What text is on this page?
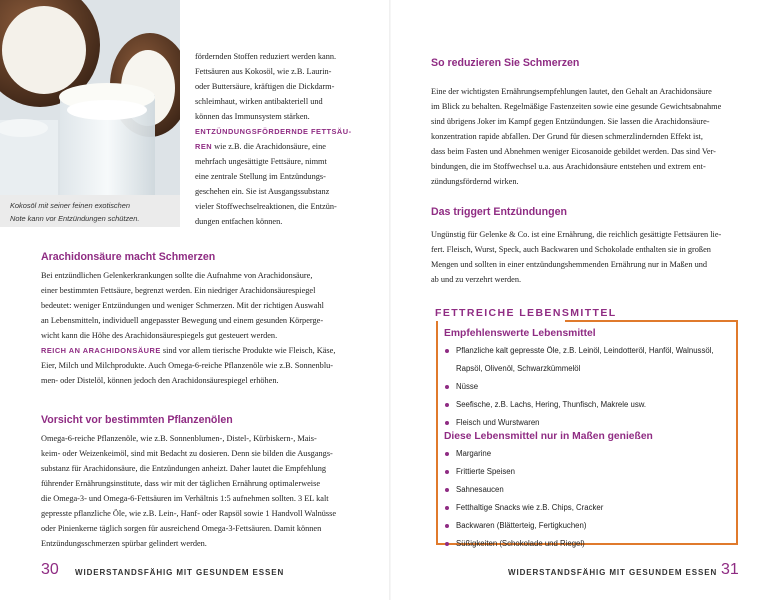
Kokosöl mit seiner feinen exotischen
Note kann vor Entzündungen schützen.
fördernden Stoffen reduziert werden kann.
Fettsäuren aus Kokosöl, wie z.B. Laurin-
oder Buttersäure, kräftigen die Dickdarm-
schleimhaut, wirken antibakteriell und
können das Immunsystem stärken.
ENTZÜNDUNGSFÖRDERNDE FETTSÄU-
REN wie z.B. die Arachidonsäure, eine
mehrfach ungesättigte Fettsäure, nimmt
eine zentrale Stellung im Entzündungs-
geschehen ein. Sie ist Ausgangssubstanz
vieler Stoffwechselreaktionen, die Entzün-
dungen entfachen können.
Arachidonsäure macht Schmerzen
Bei entzündlichen Gelenkerkrankungen sollte die Aufnahme von Arachidonsäure,
einer bestimmten Fettsäure, begrenzt werden. Ein niedriger Arachidonsäurespiegel
bedeutet: weniger Entzündungen und weniger Schmerzen. Mit der richtigen Auswahl
an Lebensmitteln, individuell angepasster Bewegung und einem gesunden Körperge-
wicht kann die Höhe des Arachidonsäurespiegels gut gesteuert werden.
REICH AN ARACHIDONSÄURE sind vor allem tierische Produkte wie Fleisch, Käse,
Eier, Milch und Milchprodukte. Auch Omega-6-reiche Pflanzenöle wie z.B. Sonnenblu-
men- oder Distelöl, können jedoch den Arachidonsäurespiegel erhöhen.
Vorsicht vor bestimmten Pflanzenölen
Omega-6-reiche Pflanzenöle, wie z.B. Sonnenblumen-, Distel-, Kürbiskern-, Mais-
keim- oder Weizenkeimöl, sind mit Bedacht zu dosieren. Denn sie bilden die Ausgangs-
substanz für Arachidonsäure, die Entzündungen anheizt. Daher lautet die Empfehlung
führender Ernährungsinstitute, dass wir mit der täglichen Ernährung optimalerweise
die Omega-3- und Omega-6-Fettsäuren im Verhältnis 1:5 aufnehmen sollten. 3 EL kalt
gepresste pflanzliche Öle, wie z.B. Lein-, Hanf- oder Rapsöl sowie 1 Handvoll Walnüsse
oder Pinienkerne täglich sorgen für ausreichend Omega-3-Fettsäuren. Damit können
Entzündungsschmerzen spürbar gelindert werden.
30 WIDERSTANDSFÄHIG MIT GESUNDEM ESSEN
So reduzieren Sie Schmerzen
Eine der wichtigsten Ernährungsempfehlungen lautet, den Gehalt an Arachidonsäure
im Blick zu behalten. Regelmäßige Fastenzeiten sowie eine gesunde Gewichtsabnahme
sind übrigens Joker im Kampf gegen Entzündungen. Sie lassen die Arachidonsäure-
konzentration rapide abfallen. Der Grund für diesen schmerzlindernden Effekt ist,
dass beim Fasten und Abnehmen weniger Eicosanoide gebildet werden. Das sind Ver-
bindungen, die im Stoffwechsel u.a. aus Arachidonsäure entstehen und extrem ent-
zündungsfördernd wirken.
Das triggert Entzündungen
Ungünstig für Gelenke & Co. ist eine Ernährung, die reichlich gesättigte Fettsäuren lie-
fert. Fleisch, Wurst, Speck, auch Backwaren und Schokolade enthalten sie in großen
Mengen und sollten in einer entzündungshemmenden Ernährung nur in Maßen und
ab und zu verzehrt werden.
FETTREICHE LEBENSMITTEL
Empfehlenswerte Lebensmittel
Pflanzliche kalt gepresste Öle, z.B. Leinöl, Leindotteröl, Hanföl, Walnussöl,
Rapsöl, Olivenöl, Schwarzkümmelöl
Nüsse
Seefische, z.B. Lachs, Hering, Thunfisch, Makrele usw.
Fleisch und Wurstwaren
Diese Lebensmittel nur in Maßen genießen
Margarine
Frittierte Speisen
Sahnesaucen
Fetthaltige Snacks wie z.B. Chips, Cracker
Backwaren (Blätterteig, Fertigkuchen)
Süßigkeiten (Schokolade und Riegel)
WIDERSTANDSFÄHIG MIT GESUNDEM ESSEN 31
